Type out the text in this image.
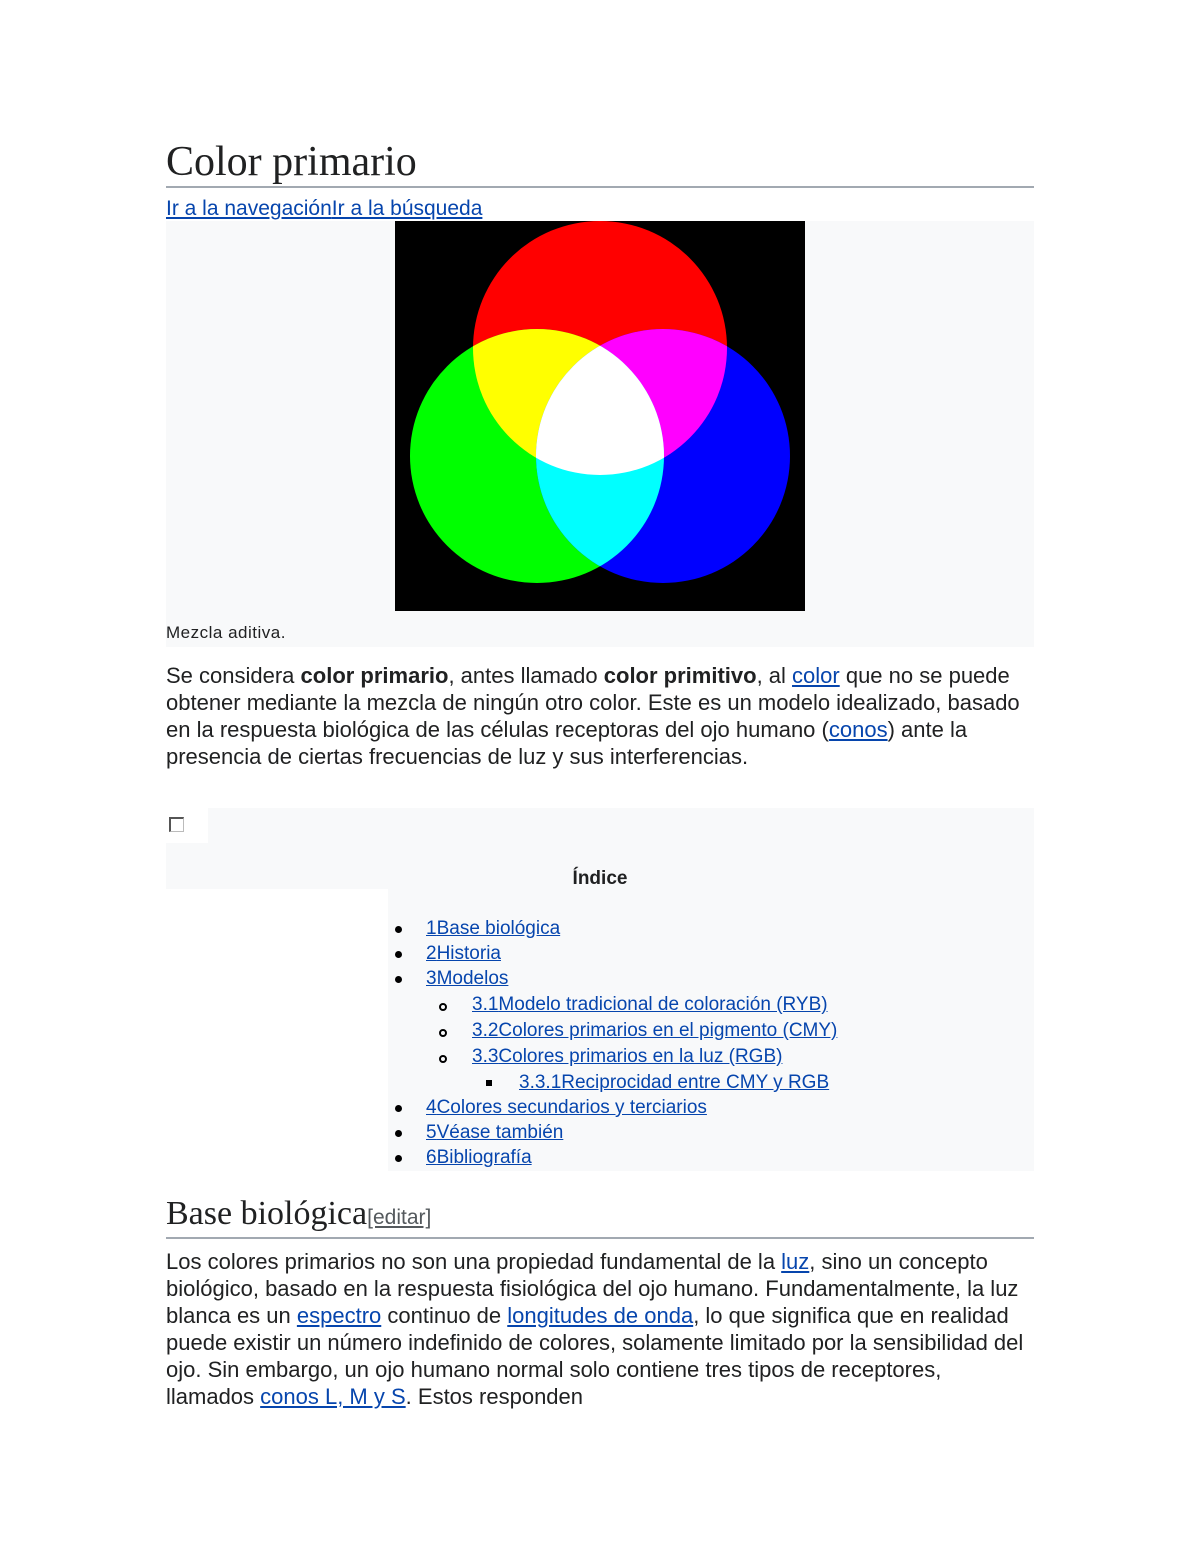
Color primario
Ir a la navegaciónIr a la búsqueda
Mezcla aditiva.

Se considera color primario, antes llamado color primitivo, al color que no se puede obtener mediante la mezcla de ningún otro color. Este es un modelo idealizado, basado en la respuesta biológica de las células receptoras del ojo humano (conos) ante la presencia de ciertas frecuencias de luz y sus interferencias.

Índice
1Base biológica
2Historia
3Modelos
3.1Modelo tradicional de coloración (RYB)
3.2Colores primarios en el pigmento (CMY)
3.3Colores primarios en la luz (RGB)
3.3.1Reciprocidad entre CMY y RGB
4Colores secundarios y terciarios
5Véase también
6Bibliografía
Base biológica[editar]

Los colores primarios no son una propiedad fundamental de la luz, sino un concepto biológico, basado en la respuesta fisiológica del ojo humano. Fundamentalmente, la luz blanca es un espectro continuo de longitudes de onda, lo que significa que en realidad puede existir un número indefinido de colores, solamente limitado por la sensibilidad del ojo. Sin embargo, un ojo humano normal solo contiene tres tipos de receptores, llamados conos L, M y S. Estos responden
